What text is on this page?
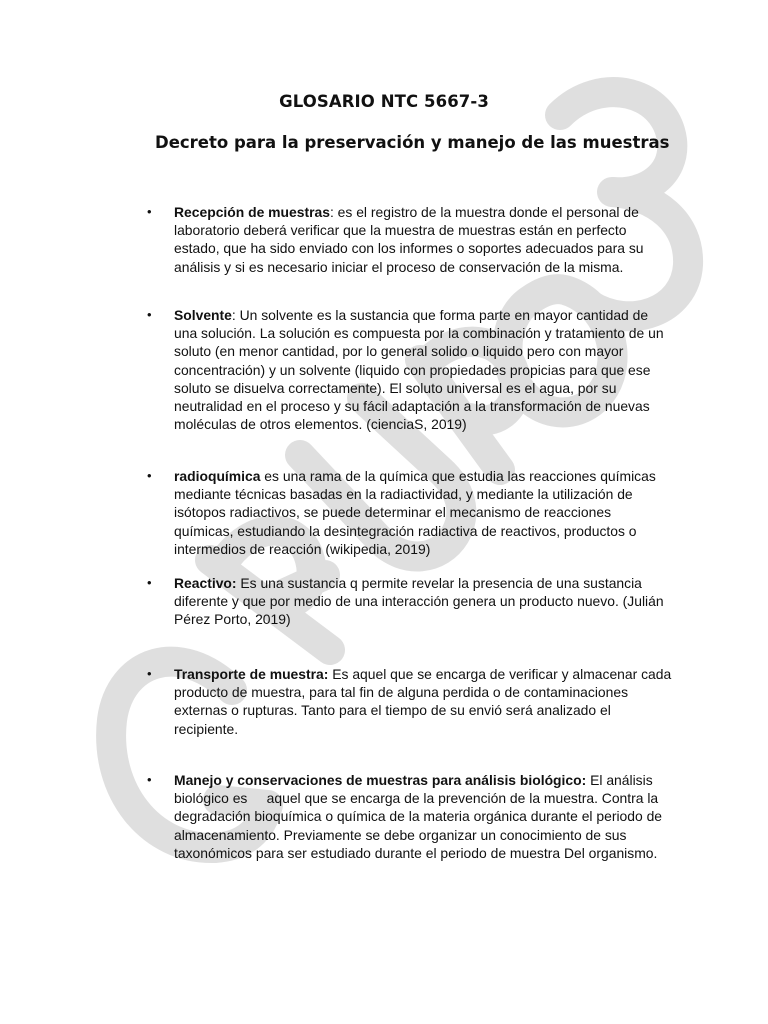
GLOSARIO NTC 5667-3
Decreto para la preservación y manejo de las muestras
• Recepción de muestras: es el registro de la muestra donde el personal de laboratorio deberá verificar que la muestra de muestras están en perfecto estado, que ha sido enviado con los informes o soportes adecuados para su análisis y si es necesario iniciar el proceso de conservación de la misma.
• Solvente: Un solvente es la sustancia que forma parte en mayor cantidad de una solución. La solución es compuesta por la combinación y tratamiento de un soluto (en menor cantidad, por lo general solido o liquido pero con mayor concentración) y un solvente (liquido con propiedades propicias para que ese soluto se disuelva correctamente). El soluto universal es el agua, por su neutralidad en el proceso y su fácil adaptación a la transformación de nuevas moléculas de otros elementos. (cienciaS, 2019)
• radioquímica es una rama de la química que estudia las reacciones químicas mediante técnicas basadas en la radiactividad, y mediante la utilización de isótopos radiactivos, se puede determinar el mecanismo de reacciones químicas, estudiando la desintegración radiactiva de reactivos, productos o intermedios de reacción (wikipedia, 2019)
• Reactivo: Es una sustancia q permite revelar la presencia de una sustancia diferente y que por medio de una interacción genera un producto nuevo. (Julián Pérez Porto, 2019)
• Transporte de muestra: Es aquel que se encarga de verificar y almacenar cada producto de muestra, para tal fin de alguna perdida o de contaminaciones externas o rupturas. Tanto para el tiempo de su envió será analizado el recipiente.
• Manejo y conservaciones de muestras para análisis biológico: El análisis biológico es     aquel que se encarga de la prevención de la muestra. Contra la degradación bioquímica o química de la materia orgánica durante el periodo de almacenamiento. Previamente se debe organizar un conocimiento de sus taxonómicos para ser estudiado durante el periodo de muestra Del organismo.
